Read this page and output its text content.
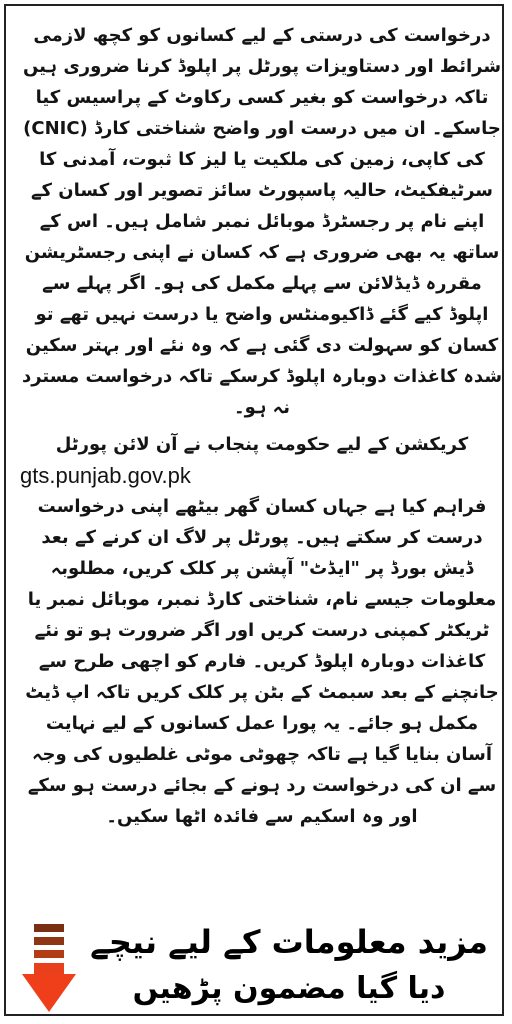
درخواست کی درستی کے لیے کسانوں کو کچھ لازمی شرائط اور دستاویزات پورٹل پر اپلوڈ کرنا ضروری ہیں تاکہ درخواست کو بغیر کسی رکاوٹ کے پراسیس کیا جاسکے۔ ان میں درست اور واضح شناختی کارڈ (CNIC) کی کاپی، زمین کی ملکیت یا لیز کا ثبوت، آمدنی کا سرٹیفکیٹ، حالیہ پاسپورٹ سائز تصویر اور کسان کے اپنے نام پر رجسٹرڈ موبائل نمبر شامل ہیں۔ اس کے ساتھ یہ بھی ضروری ہے کہ کسان نے اپنی رجسٹریشن مقررہ ڈیڈلائن سے پہلے مکمل کی ہو۔ اگر پہلے سے اپلوڈ کیے گئے ڈاکیومنٹس واضح یا درست نہیں تھے تو کسان کو سہولت دی گئی ہے کہ وہ نئے اور بہتر سکین شدہ کاغذات دوبارہ اپلوڈ کرسکے تاکہ درخواست مسترد نہ ہو۔

کریکشن کے لیے حکومت پنجاب نے آن لائن پورٹل
gts.punjab.gov.pk
فراہم کیا ہے جہاں کسان گھر بیٹھے اپنی درخواست درست کر سکتے ہیں۔ پورٹل پر لاگ ان کرنے کے بعد ڈیش بورڈ پر "ایڈٹ" آپشن پر کلک کریں، مطلوبہ معلومات جیسے نام، شناختی کارڈ نمبر، موبائل نمبر یا ٹریکٹر کمپنی درست کریں اور اگر ضرورت ہو تو نئے کاغذات دوبارہ اپلوڈ کریں۔ فارم کو اچھی طرح سے جانچنے کے بعد سبمٹ کے بٹن پر کلک کریں تاکہ اپ ڈیٹ مکمل ہو جائے۔ یہ پورا عمل کسانوں کے لیے نہایت آسان بنایا گیا ہے تاکہ چھوٹی موٹی غلطیوں کی وجہ سے ان کی درخواست رد ہونے کے بجائے درست ہو سکے اور وہ اسکیم سے فائدہ اٹھا سکیں۔

مزید معلومات کے لیے نیچے
دیا گیا مضمون پڑھیں
